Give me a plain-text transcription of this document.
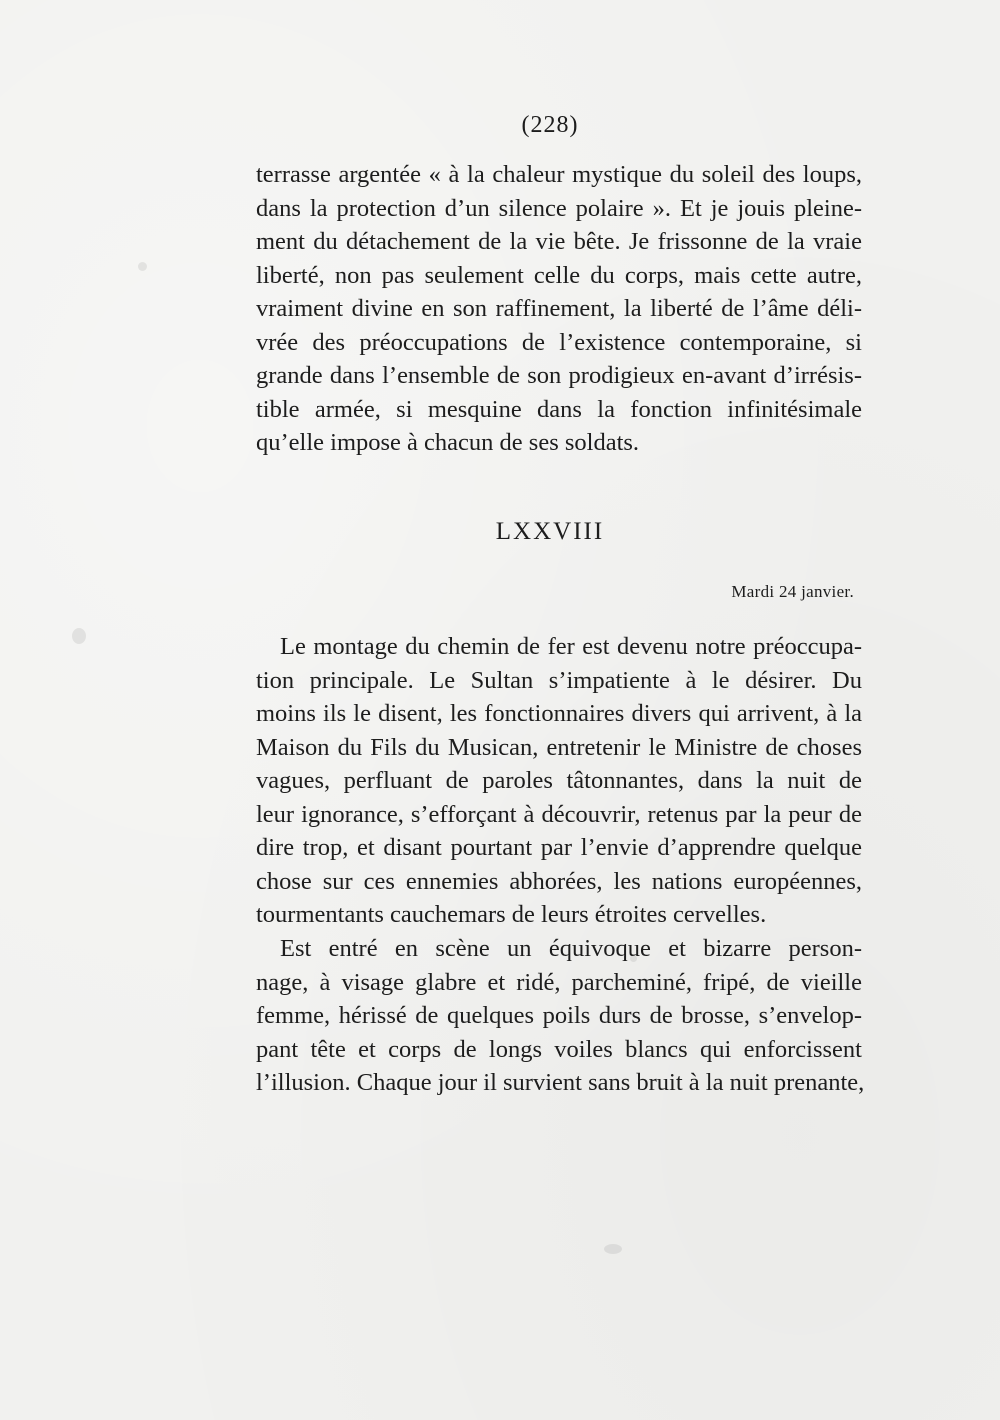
(228)
terrasse argentée « à la chaleur mystique du soleil des loups,
dans la protection d’un silence polaire ». Et je jouis pleine-
ment du détachement de la vie bête. Je frissonne de la vraie
liberté, non pas seulement celle du corps, mais cette autre,
vraiment divine en son raffinement, la liberté de l’âme déli-
vrée des préoccupations de l’existence contemporaine, si
grande dans l’ensemble de son prodigieux en-avant d’irrésis-
tible armée, si mesquine dans la fonction infinitésimale
qu’elle impose à chacun de ses soldats.
LXXVIII
Mardi 24 janvier.
Le montage du chemin de fer est devenu notre préoccupa-
tion principale. Le Sultan s’impatiente à le désirer. Du
moins ils le disent, les fonctionnaires divers qui arrivent, à la
Maison du Fils du Musican, entretenir le Ministre de choses
vagues, perfluant de paroles tâtonnantes, dans la nuit de
leur ignorance, s’efforçant à découvrir, retenus par la peur de
dire trop, et disant pourtant par l’envie d’apprendre quelque
chose sur ces ennemies abhorées, les nations européennes,
tourmentants cauchemars de leurs étroites cervelles.
Est entré en scène un équivoque et bizarre person-
nage, à visage glabre et ridé, parcheminé, fripé, de vieille
femme, hérissé de quelques poils durs de brosse, s’envelop-
pant tête et corps de longs voiles blancs qui enforcissent
l’illusion. Chaque jour il survient sans bruit à la nuit prenante,
